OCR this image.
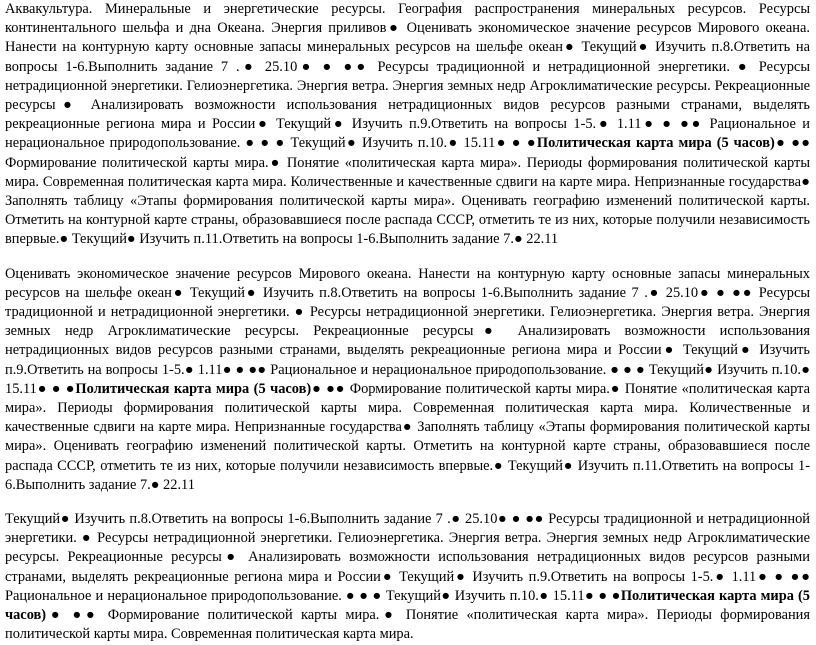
Аквакультура. Минеральные и энергетические ресурсы. География распространения минеральных ресурсов. Ресурсы континентального шельфа и дна Океана. Энергия приливов● Оценивать экономическое значение ресурсов Мирового океана. Нанести на контурную карту основные запасы минеральных ресурсов на шельфе океан● Текущий● Изучить п.8.Ответить на вопросы 1-6.Выполнить задание 7 .● 25.10● ● ●● Ресурсы традиционной и нетрадиционной энергетики. ● Ресурсы нетрадиционной энергетики. Гелиоэнергетика. Энергия ветра. Энергия земных недр Агроклиматические ресурсы. Рекреационные ресурсы● Анализировать возможности использования нетрадиционных видов ресурсов разными странами, выделять рекреационные региона мира и России● Текущий● Изучить п.9.Ответить на вопросы 1-5.● 1.11● ● ●● Рациональное и нерациональное природопользование. ● ● ● Текущий● Изучить п.10.● 15.11● ● ●Политическая карта мира (5 часов)● ●● Формирование политической карты мира.● Понятие «политическая карта мира». Периоды формирования политической карты мира. Современная политическая карта мира. Количественные и качественные сдвиги на карте мира. Непризнанные государства● Заполнять таблицу «Этапы формирования политической карты мира». Оценивать географию изменений политической карты. Отметить на контурной карте страны, образовавшиеся после распада СССР, отметить те из них, которые получили независимость впервые.● Текущий● Изучить п.11.Ответить на вопросы 1-6.Выполнить задание 7.● 22.11

Оценивать экономическое значение ресурсов Мирового океана. Нанести на контурную карту основные запасы минеральных ресурсов на шельфе океан● Текущий● Изучить п.8.Ответить на вопросы 1-6.Выполнить задание 7 .● 25.10● ● ●● Ресурсы традиционной и нетрадиционной энергетики. ● Ресурсы нетрадиционной энергетики. Гелиоэнергетика. Энергия ветра. Энергия земных недр Агроклиматические ресурсы. Рекреационные ресурсы● Анализировать возможности использования нетрадиционных видов ресурсов разными странами, выделять рекреационные региона мира и России● Текущий● Изучить п.9.Ответить на вопросы 1-5.● 1.11● ● ●● Рациональное и нерациональное природопользование. ● ● ● Текущий● Изучить п.10.● 15.11● ● ●Политическая карта мира (5 часов)● ●● Формирование политической карты мира.● Понятие «политическая карта мира». Периоды формирования политической карты мира. Современная политическая карта мира. Количественные и качественные сдвиги на карте мира. Непризнанные государства● Заполнять таблицу «Этапы формирования политической карты мира». Оценивать географию изменений политической карты. Отметить на контурной карте страны, образовавшиеся после распада СССР, отметить те из них, которые получили независимость впервые.● Текущий● Изучить п.11.Ответить на вопросы 1-6.Выполнить задание 7.● 22.11

Текущий● Изучить п.8.Ответить на вопросы 1-6.Выполнить задание 7 .● 25.10● ● ●● Ресурсы традиционной и нетрадиционной энергетики. ● Ресурсы нетрадиционной энергетики. Гелиоэнергетика. Энергия ветра. Энергия земных недр Агроклиматические ресурсы. Рекреационные ресурсы● Анализировать возможности использования нетрадиционных видов ресурсов разными странами, выделять рекреационные региона мира и России● Текущий● Изучить п.9.Ответить на вопросы 1-5.● 1.11● ● ●● Рациональное и нерациональное природопользование. ● ● ● Текущий● Изучить п.10.● 15.11● ● ●Политическая карта мира (5 часов)● ●● Формирование политической карты мира.● Понятие «политическая карта мира». Периоды формирования политической карты мира. Современная политическая карта мира.
